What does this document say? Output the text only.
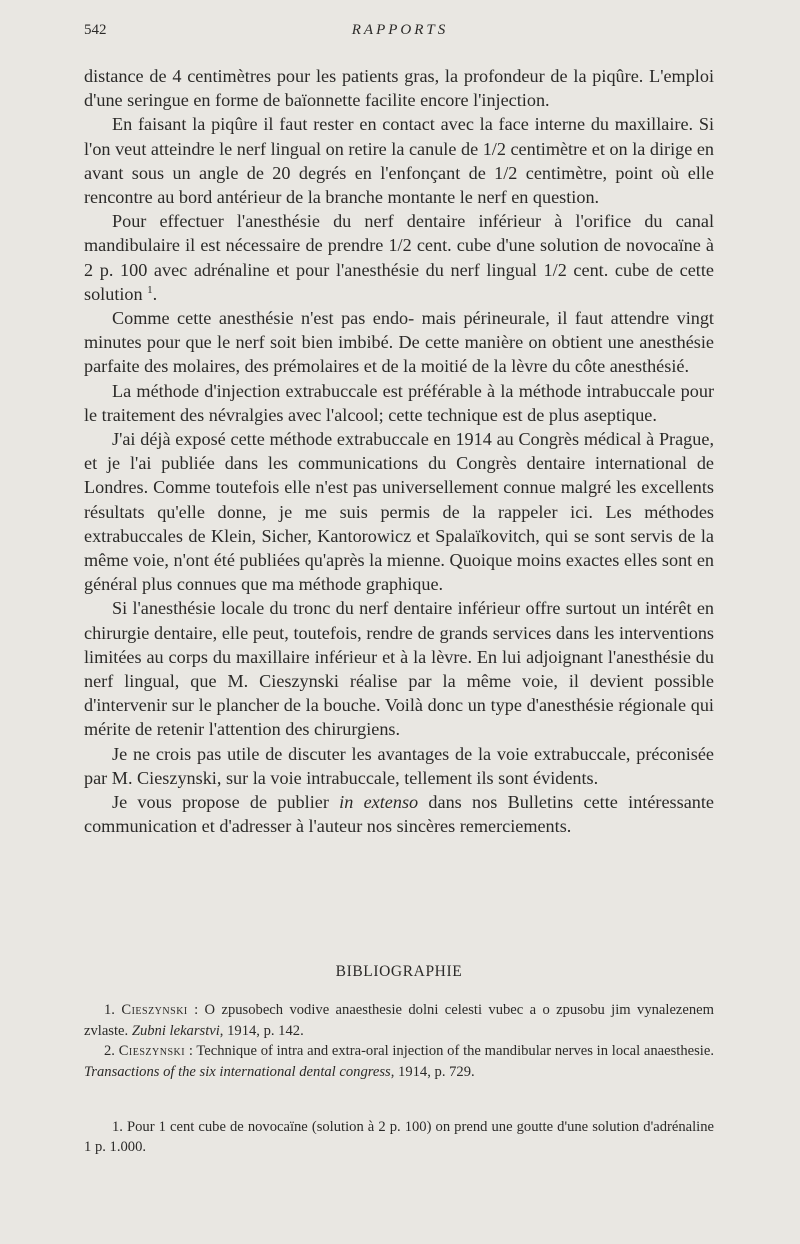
542	RAPPORTS

distance de 4 centimètres pour les patients gras, la profondeur de la piqûre. L'emploi d'une seringue en forme de baïonnette facilite encore l'injection.

En faisant la piqûre il faut rester en contact avec la face interne du maxillaire. Si l'on veut atteindre le nerf lingual on retire la canule de 1/2 centimètre et on la dirige en avant sous un angle de 20 degrés en l'enfonçant de 1/2 centimètre, point où elle rencontre au bord antérieur de la branche montante le nerf en question.

Pour effectuer l'anesthésie du nerf dentaire inférieur à l'orifice du canal mandibulaire il est nécessaire de prendre 1/2 cent. cube d'une solution de novocaïne à 2 p. 100 avec adrénaline et pour l'anesthésie du nerf lingual 1/2 cent. cube de cette solution $^1$.

Comme cette anesthésie n'est pas endo- mais périneurale, il faut attendre vingt minutes pour que le nerf soit bien imbibé. De cette manière on obtient une anesthésie parfaite des molaires, des prémolaires et de la moitié de la lèvre du côte anesthésié.

La méthode d'injection extrabuccale est préférable à la méthode intrabuccale pour le traitement des névralgies avec l'alcool; cette technique est de plus aseptique.

J'ai déjà exposé cette méthode extrabuccale en 1914 au Congrès médical à Prague, et je l'ai publiée dans les communications du Congrès dentaire international de Londres. Comme toutefois elle n'est pas universellement connue malgré les excellents résultats qu'elle donne, je me suis permis de la rappeler ici. Les méthodes extrabuccales de Klein, Sicher, Kantorowicz et Spalaïkovitch, qui se sont servis de la même voie, n'ont été publiées qu'après la mienne. Quoique moins exactes elles sont en général plus connues que ma méthode graphique.

Si l'anesthésie locale du tronc du nerf dentaire inférieur offre surtout un intérêt en chirurgie dentaire, elle peut, toutefois, rendre de grands services dans les interventions limitées au corps du maxillaire inférieur et à la lèvre. En lui adjoignant l'anesthésie du nerf lingual, que M. Cieszynski réalise par la même voie, il devient possible d'intervenir sur le plancher de la bouche. Voilà donc un type d'anesthésie régionale qui mérite de retenir l'attention des chirurgiens.

Je ne crois pas utile de discuter les avantages de la voie extrabuccale, préconisée par M. Cieszynski, sur la voie intrabuccale, tellement ils sont évidents.

Je vous propose de publier in extenso dans nos Bulletins cette intéressante communication et d'adresser à l'auteur nos sincères remerciements.

BIBLIOGRAPHIE

1. Cieszynski : O zpusobech vodive anaesthesie dolni celesti vubec a o zpusobu jim vynalezenem zvlaste. Zubni lekarstvi, 1914, p. 142.

2. Cieszynski : Technique of intra and extra-oral injection of the mandibular nerves in local anaesthesie. Transactions of the six international dental congress, 1914, p. 729.

1. Pour 1 cent cube de novocaïne (solution à 2 p. 100) on prend une goutte d'une solution d'adrénaline 1 p. 1.000.
